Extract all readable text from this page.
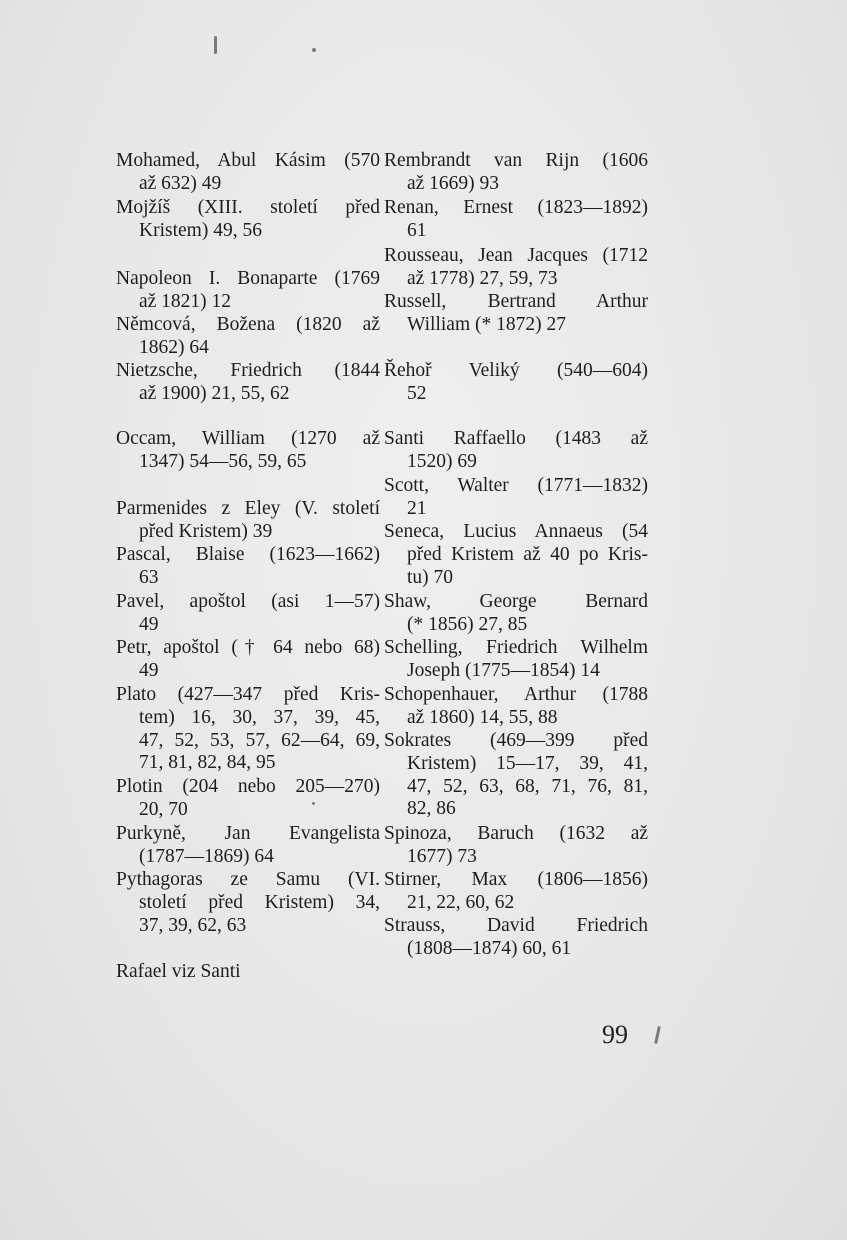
Mohamed, Abul Kásim (570
až 632) 49
Mojžíš (XIII. století před
Kristem) 49, 56
Napoleon I. Bonaparte (1769
až 1821) 12
Němcová, Božena (1820 až
1862) 64
Nietzsche, Friedrich (1844
až 1900) 21, 55, 62
Occam, William (1270 až
1347) 54—56, 59, 65
Parmenides z Eley (V. století
před Kristem) 39
Pascal, Blaise (1623—1662)
63
Pavel, apoštol (asi 1—57)
49
Petr, apoštol († 64 nebo 68)
49
Plato (427—347 před Kris-
tem) 16, 30, 37, 39, 45,
47, 52, 53, 57, 62—64, 69,
71, 81, 82, 84, 95
Plotin (204 nebo 205—270)
20, 70
Purkyně, Jan Evangelista
(1787—1869) 64
Pythagoras ze Samu (VI.
století před Kristem) 34,
37, 39, 62, 63
Rafael viz Santi
Rembrandt van Rijn (1606
až 1669) 93
Renan, Ernest (1823—1892)
61
Rousseau, Jean Jacques (1712
až 1778) 27, 59, 73
Russell, Bertrand Arthur
William (* 1872) 27
Řehoř Veliký (540—604)
52
Santi Raffaello (1483 až
1520) 69
Scott, Walter (1771—1832)
21
Seneca, Lucius Annaeus (54
před Kristem až 40 po Kris-
tu) 70
Shaw, George Bernard
(* 1856) 27, 85
Schelling, Friedrich Wilhelm
Joseph (1775—1854) 14
Schopenhauer, Arthur (1788
až 1860) 14, 55, 88
Sokrates (469—399 před
Kristem) 15—17, 39, 41,
47, 52, 63, 68, 71, 76, 81,
82, 86
Spinoza, Baruch (1632 až
1677) 73
Stirner, Max (1806—1856)
21, 22, 60, 62
Strauss, David Friedrich
(1808—1874) 60, 61
99
